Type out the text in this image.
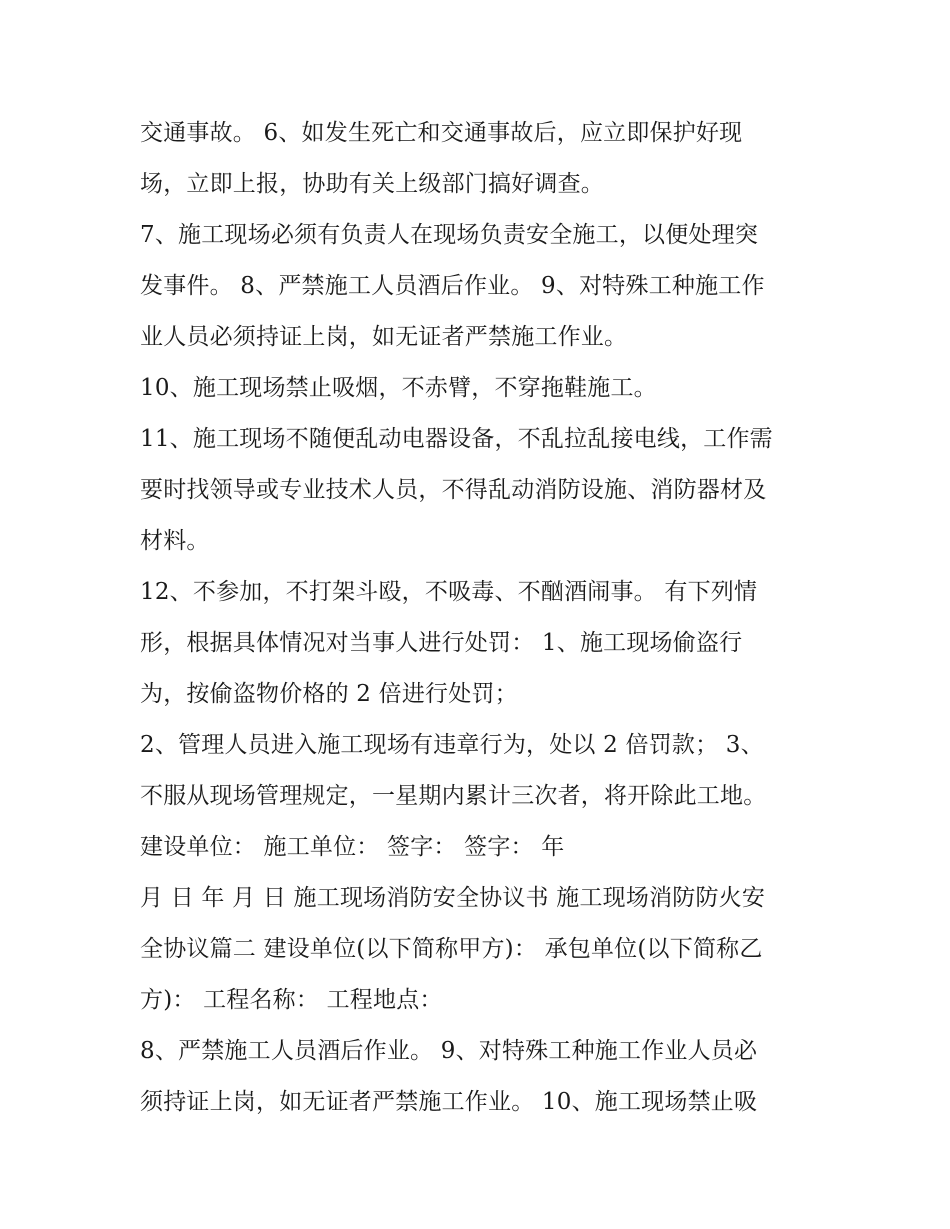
交通事故。 6、如发生死亡和交通事故后，应立即保护好现
场，立即上报，协助有关上级部门搞好调查。
7、施工现场必须有负责人在现场负责安全施工，以便处理突
发事件。 8、严禁施工人员酒后作业。 9、对特殊工种施工作
业人员必须持证上岗，如无证者严禁施工作业。
10、施工现场禁止吸烟，不赤臂，不穿拖鞋施工。
11、施工现场不随便乱动电器设备，不乱拉乱接电线，工作需
要时找领导或专业技术人员，不得乱动消防设施、消防器材及
材料。
12、不参加，不打架斗殴，不吸毒、不酗酒闹事。 有下列情
形，根据具体情况对当事人进行处罚： 1、施工现场偷盗行
为，按偷盗物价格的 2 倍进行处罚；
2、管理人员进入施工现场有违章行为，处以 2 倍罚款； 3、
不服从现场管理规定，一星期内累计三次者，将开除此工地。
建设单位： 施工单位： 签字： 签字： 年
月 日 年 月 日 施工现场消防安全协议书 施工现场消防防火安
全协议篇二 建设单位(以下简称甲方)： 承包单位(以下简称乙
方)： 工程名称： 工程地点：
8、严禁施工人员酒后作业。 9、对特殊工种施工作业人员必
须持证上岗，如无证者严禁施工作业。 10、施工现场禁止吸
